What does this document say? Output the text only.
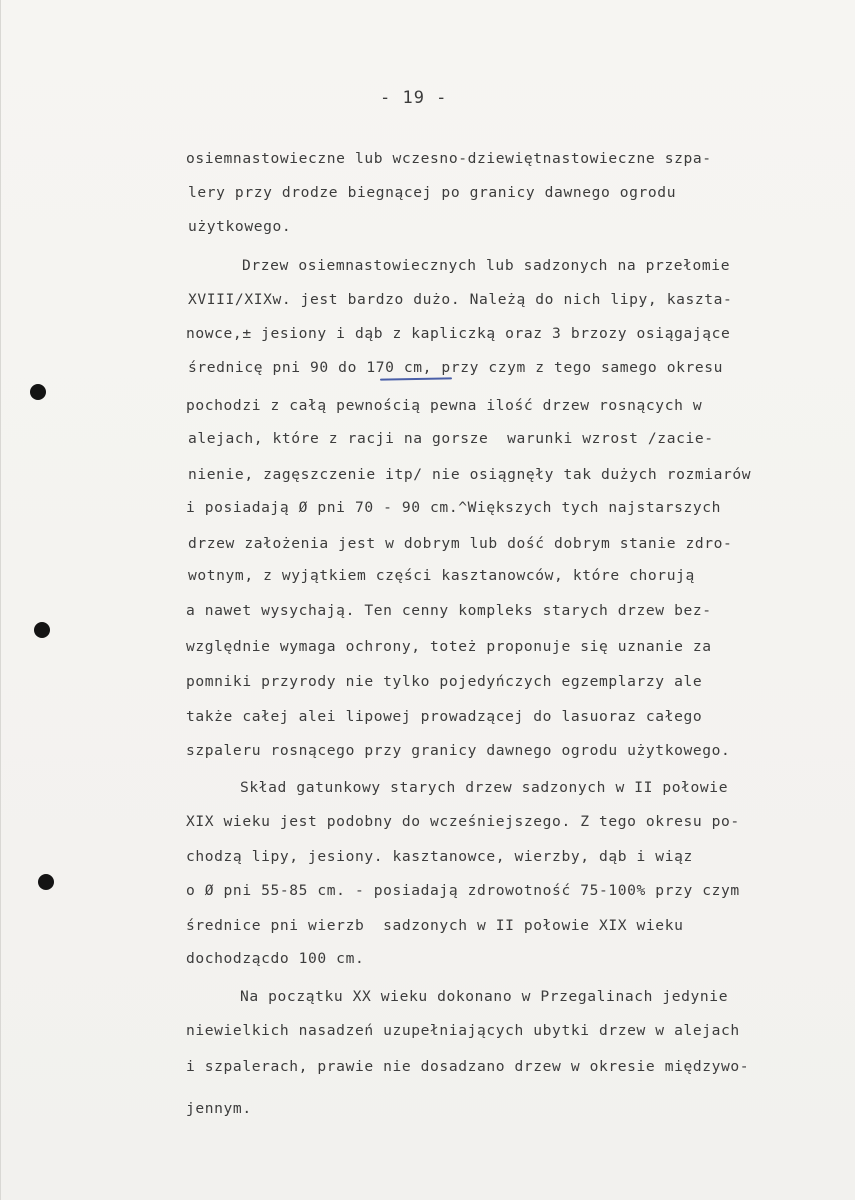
- 19 -
osiemnastowieczne lub wczesno-dziewiętnastowieczne szpa-
lery przy drodze biegnącej po granicy dawnego ogrodu
użytkowego.
Drzew osiemnastowiecznych lub sadzonych na przełomie
XVIII/XIXw. jest bardzo dużo. Należą do nich lipy, kaszta-
nowce,± jesiony i dąb z kapliczką oraz 3 brzozy osiągające
średnicę pni 90 do 170 cm, przy czym z tego samego okresu
pochodzi z całą pewnością pewna ilość drzew rosnących w
alejach, które z racji na gorsze  warunki wzrost /zacie-
nienie, zagęszczenie itp/ nie osiągnęły tak dużych rozmiarów
i posiadają Ø pni 70 - 90 cm.^Większych tych najstarszych
drzew założenia jest w dobrym lub dość dobrym stanie zdro-
wotnym, z wyjątkiem części kasztanowców, które chorują
a nawet wysychają. Ten cenny kompleks starych drzew bez-
względnie wymaga ochrony, toteż proponuje się uznanie za
pomniki przyrody nie tylko pojedyńczych egzemplarzy ale
także całej alei lipowej prowadzącej do lasuoraz całego
szpaleru rosnącego przy granicy dawnego ogrodu użytkowego.
Skład gatunkowy starych drzew sadzonych w II połowie
XIX wieku jest podobny do wcześniejszego. Z tego okresu po-
chodzą lipy, jesiony. kasztanowce, wierzby, dąb i wiąz
o Ø pni 55-85 cm. - posiadają zdrowotność 75-100% przy czym
średnice pni wierzb  sadzonych w II połowie XIX wieku
dochodzącdo 100 cm.
Na początku XX wieku dokonano w Przegalinach jedynie
niewielkich nasadzeń uzupełniających ubytki drzew w alejach
i szpalerach, prawie nie dosadzano drzew w okresie międzywo-
jennym.
